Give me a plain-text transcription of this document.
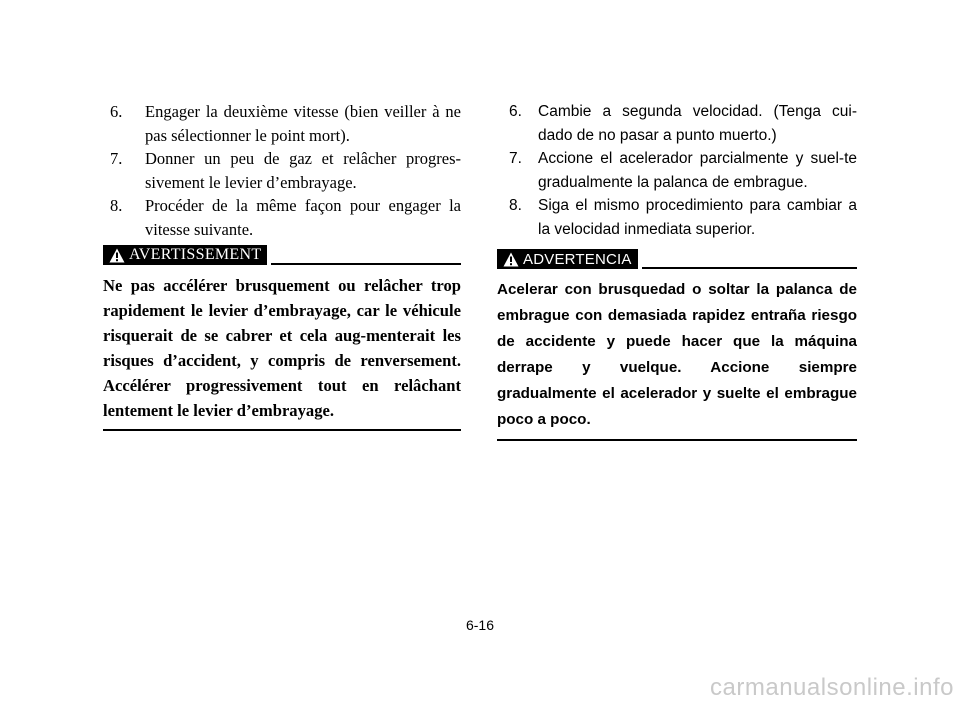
6. Engager la deuxième vitesse (bien veiller à ne pas sélectionner le point mort).
7. Donner un peu de gaz et relâcher progres-sivement le levier d’embrayage.
8. Procéder de la même façon pour engager la vitesse suivante.
AVERTISSEMENT

Ne pas accélérer brusquement ou relâcher trop rapidement le levier d’embrayage, car le véhicule risquerait de se cabrer et cela aug-menterait les risques d’accident, y compris de renversement. Accélérer progressivement tout en relâchant lentement le levier d’embrayage.

6. Cambie a segunda velocidad. (Tenga cui-dado de no pasar a punto muerto.)
7. Accione el acelerador parcialmente y suel-te gradualmente la palanca de embrague.
8. Siga el mismo procedimiento para cambiar a la velocidad inmediata superior.
ADVERTENCIA

Acelerar con brusquedad o soltar la palanca de embrague con demasiada rapidez entraña riesgo de accidente y puede hacer que la máquina derrape y vuelque. Accione siempre gradualmente el acelerador y suelte el embrague poco a poco.

6-16
carmanualsonline.info
